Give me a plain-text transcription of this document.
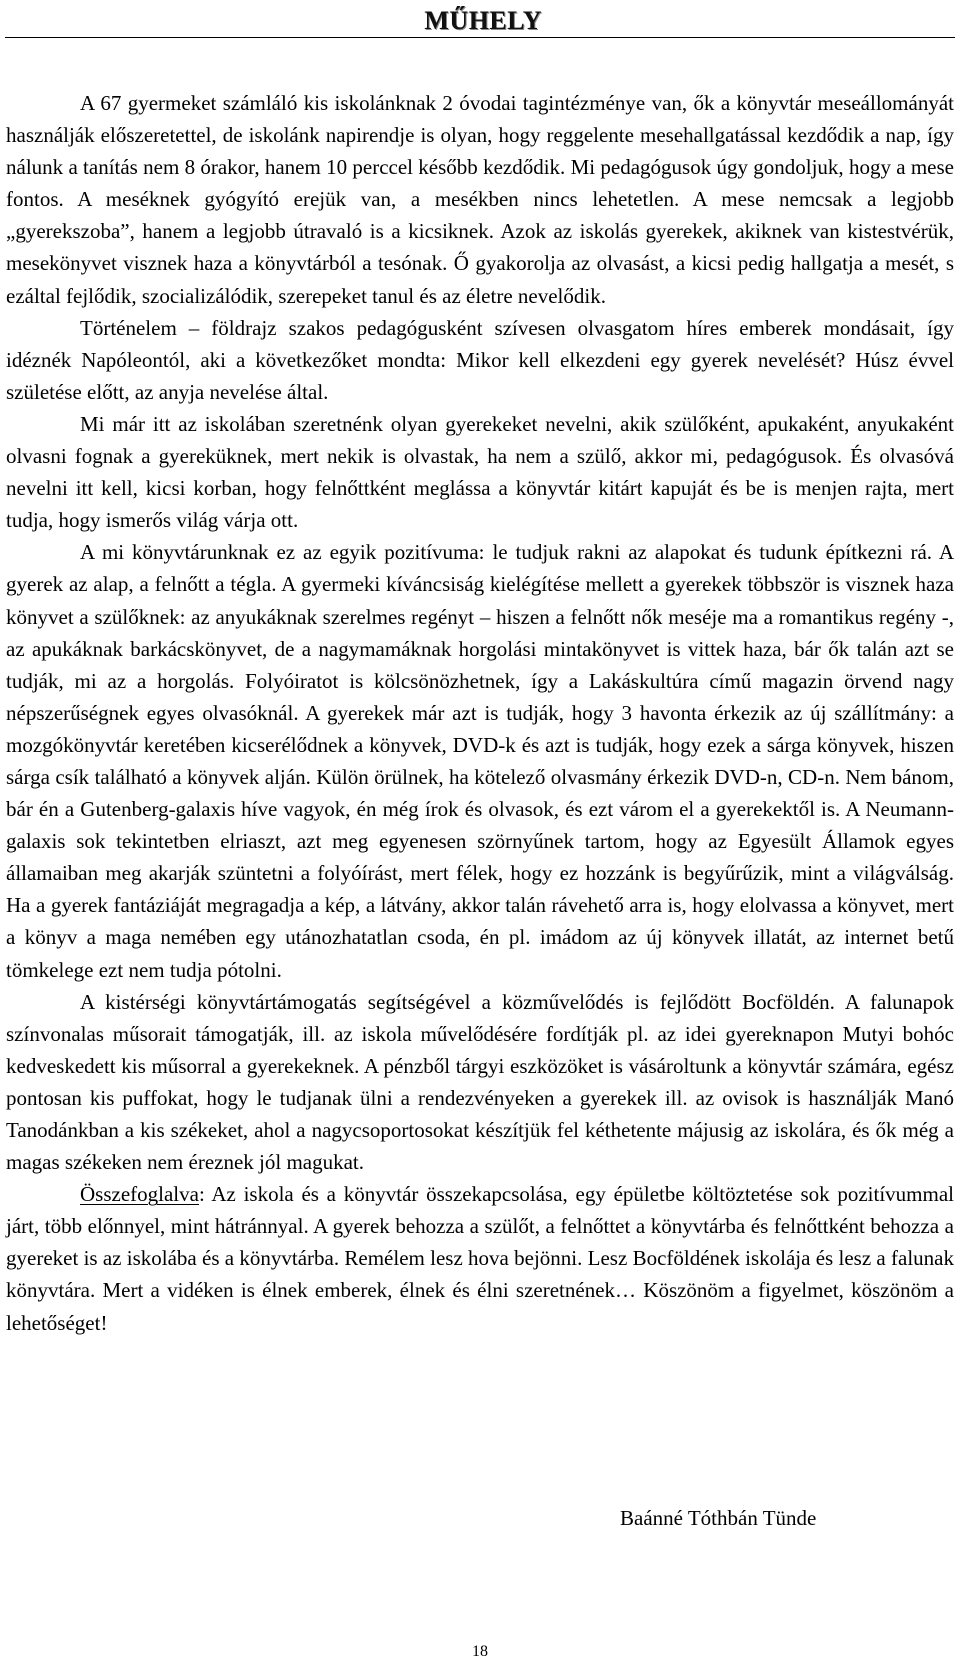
MŰHELY

A 67 gyermeket számláló kis iskolánknak 2 óvodai tagintézménye van, ők a könyvtár meseállományát használják előszeretettel, de iskolánk napirendje is olyan, hogy reggelente mesehallgatással kezdődik a nap, így nálunk a tanítás nem 8 órakor, hanem 10 perccel később kezdődik. Mi pedagógusok úgy gondoljuk, hogy a mese fontos. A meséknek gyógyító erejük van, a mesékben nincs lehetetlen. A mese nemcsak a legjobb „gyerekszoba”, hanem a legjobb útravaló is a kicsiknek. Azok az iskolás gyerekek, akiknek van kistestvérük, mesekönyvet visznek haza a könyvtárból a tesónak. Ő gyakorolja az olvasást, a kicsi pedig hallgatja a mesét, s ezáltal fejlődik, szocializálódik, szerepeket tanul és az életre nevelődik.

Történelem – földrajz szakos pedagógusként szívesen olvasgatom híres emberek mondásait, így idéznék Napóleontól, aki a következőket mondta: Mikor kell elkezdeni egy gyerek nevelését? Húsz évvel születése előtt, az anyja nevelése által.

Mi már itt az iskolában szeretnénk olyan gyerekeket nevelni, akik szülőként, apukaként, anyukaként olvasni fognak a gyereküknek, mert nekik is olvastak, ha nem a szülő, akkor mi, pedagógusok. És olvasóvá nevelni itt kell, kicsi korban, hogy felnőttként meglássa a könyvtár kitárt kapuját és be is menjen rajta, mert tudja, hogy ismerős világ várja ott.

A mi könyvtárunknak ez az egyik pozitívuma: le tudjuk rakni az alapokat és tudunk építkezni rá. A gyerek az alap, a felnőtt a tégla. A gyermeki kíváncsiság kielégítése mellett a gyerekek többször is visznek haza könyvet a szülőknek: az anyukáknak szerelmes regényt – hiszen a felnőtt nők meséje ma a romantikus regény -, az apukáknak barkácskönyvet, de a nagymamáknak horgolási mintakönyvet is vittek haza, bár ők talán azt se tudják, mi az a horgolás. Folyóiratot is kölcsönözhetnek, így a Lakáskultúra című magazin örvend nagy népszerűségnek egyes olvasóknál. A gyerekek már azt is tudják, hogy 3 havonta érkezik az új szállítmány: a mozgókönyvtár keretében kicserélődnek a könyvek, DVD-k és azt is tudják, hogy ezek a sárga könyvek, hiszen sárga csík található a könyvek alján. Külön örülnek, ha kötelező olvasmány érkezik DVD-n, CD-n. Nem bánom, bár én a Gutenberg-galaxis híve vagyok, én még írok és olvasok, és ezt várom el a gyerekektől is. A Neumann-galaxis sok tekintetben elriaszt, azt meg egyenesen szörnyűnek tartom, hogy az Egyesült Államok egyes államaiban meg akarják szüntetni a folyóírást, mert félek, hogy ez hozzánk is begyűrűzik, mint a világválság. Ha a gyerek fantáziáját megragadja a kép, a látvány, akkor talán rávehető arra is, hogy elolvassa a könyvet, mert a könyv a maga nemében egy utánozhatatlan csoda, én pl. imádom az új könyvek illatát, az internet betű tömkelege ezt nem tudja pótolni.

A kistérségi könyvtártámogatás segítségével a közművelődés is fejlődött Bocföldén. A falunapok színvonalas műsorait támogatják, ill. az iskola művelődésére fordítják pl. az idei gyereknapon Mutyi bohóc kedveskedett kis műsorral a gyerekeknek. A pénzből tárgyi eszközöket is vásároltunk a könyvtár számára, egész pontosan kis puffokat, hogy le tudjanak ülni a rendezvényeken a gyerekek ill. az ovisok is használják Manó Tanodánkban a kis székeket, ahol a nagycsoportosokat készítjük fel kéthetente májusig az iskolára, és ők még a magas székeken nem éreznek jól magukat.

Összefoglalva: Az iskola és a könyvtár összekapcsolása, egy épületbe költöztetése sok pozitívummal járt, több előnnyel, mint hátránnyal. A gyerek behozza a szülőt, a felnőttet a könyvtárba és felnőttként behozza a gyereket is az iskolába és a könyvtárba. Remélem lesz hova bejönni. Lesz Bocföldének iskolája és lesz a falunak könyvtára. Mert a vidéken is élnek emberek, élnek és élni szeretnének… Köszönöm a figyelmet, köszönöm a lehetőséget!

Baánné Tóthbán Tünde
18
